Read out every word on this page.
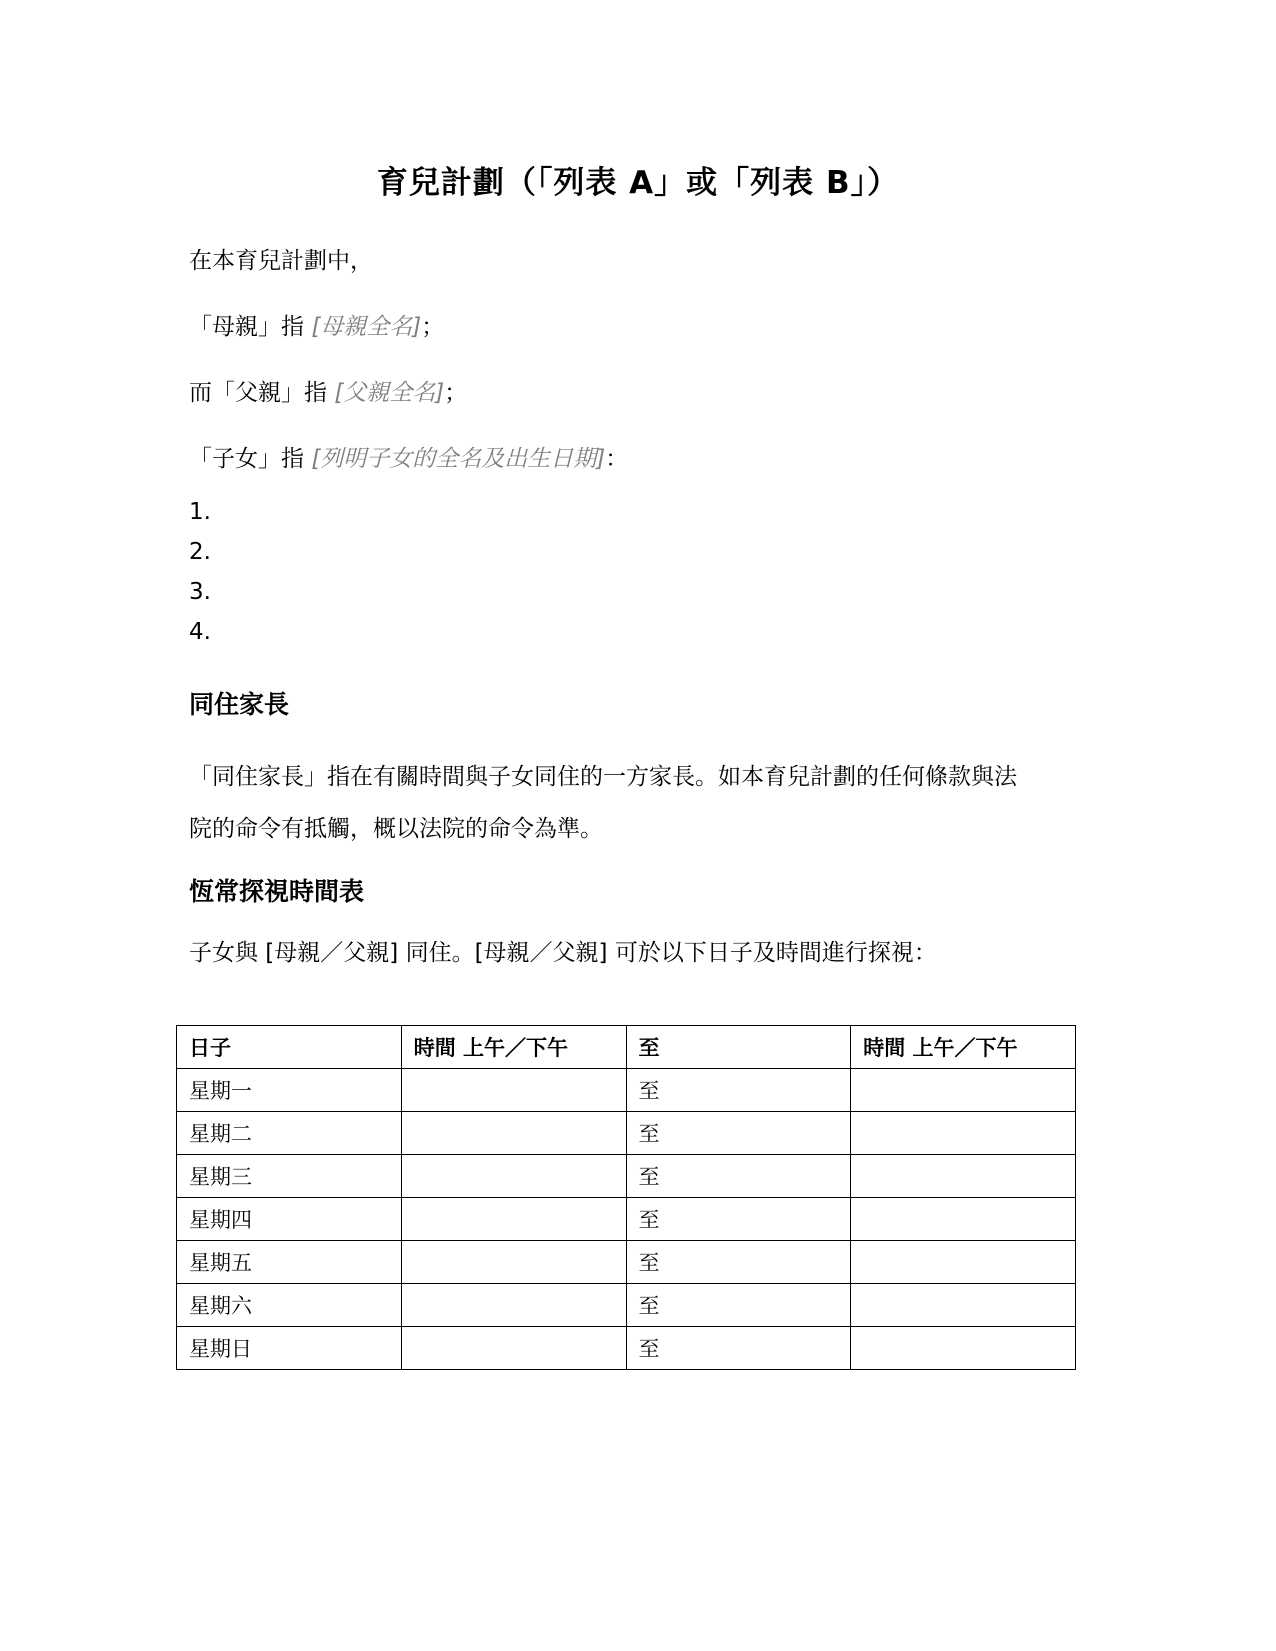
育兒計劃（「列表 A」或「列表 B」）
在本育兒計劃中，
「母親」指 [母親全名]；
而「父親」指 [父親全名]；
「子女」指 [列明子女的全名及出生日期]：
1.
2.
3.
4.
同住家長
「同住家長」指在有關時間與子女同住的一方家長。如本育兒計劃的任何條款與法
院的命令有抵觸，概以法院的命令為準。
恆常探視時間表
子女與 [母親／父親] 同住。[母親／父親] 可於以下日子及時間進行探視：
日子	時間 上午／下午	至	時間 上午／下午
星期一		至	
星期二		至	
星期三		至	
星期四		至	
星期五		至	
星期六		至	
星期日		至	
